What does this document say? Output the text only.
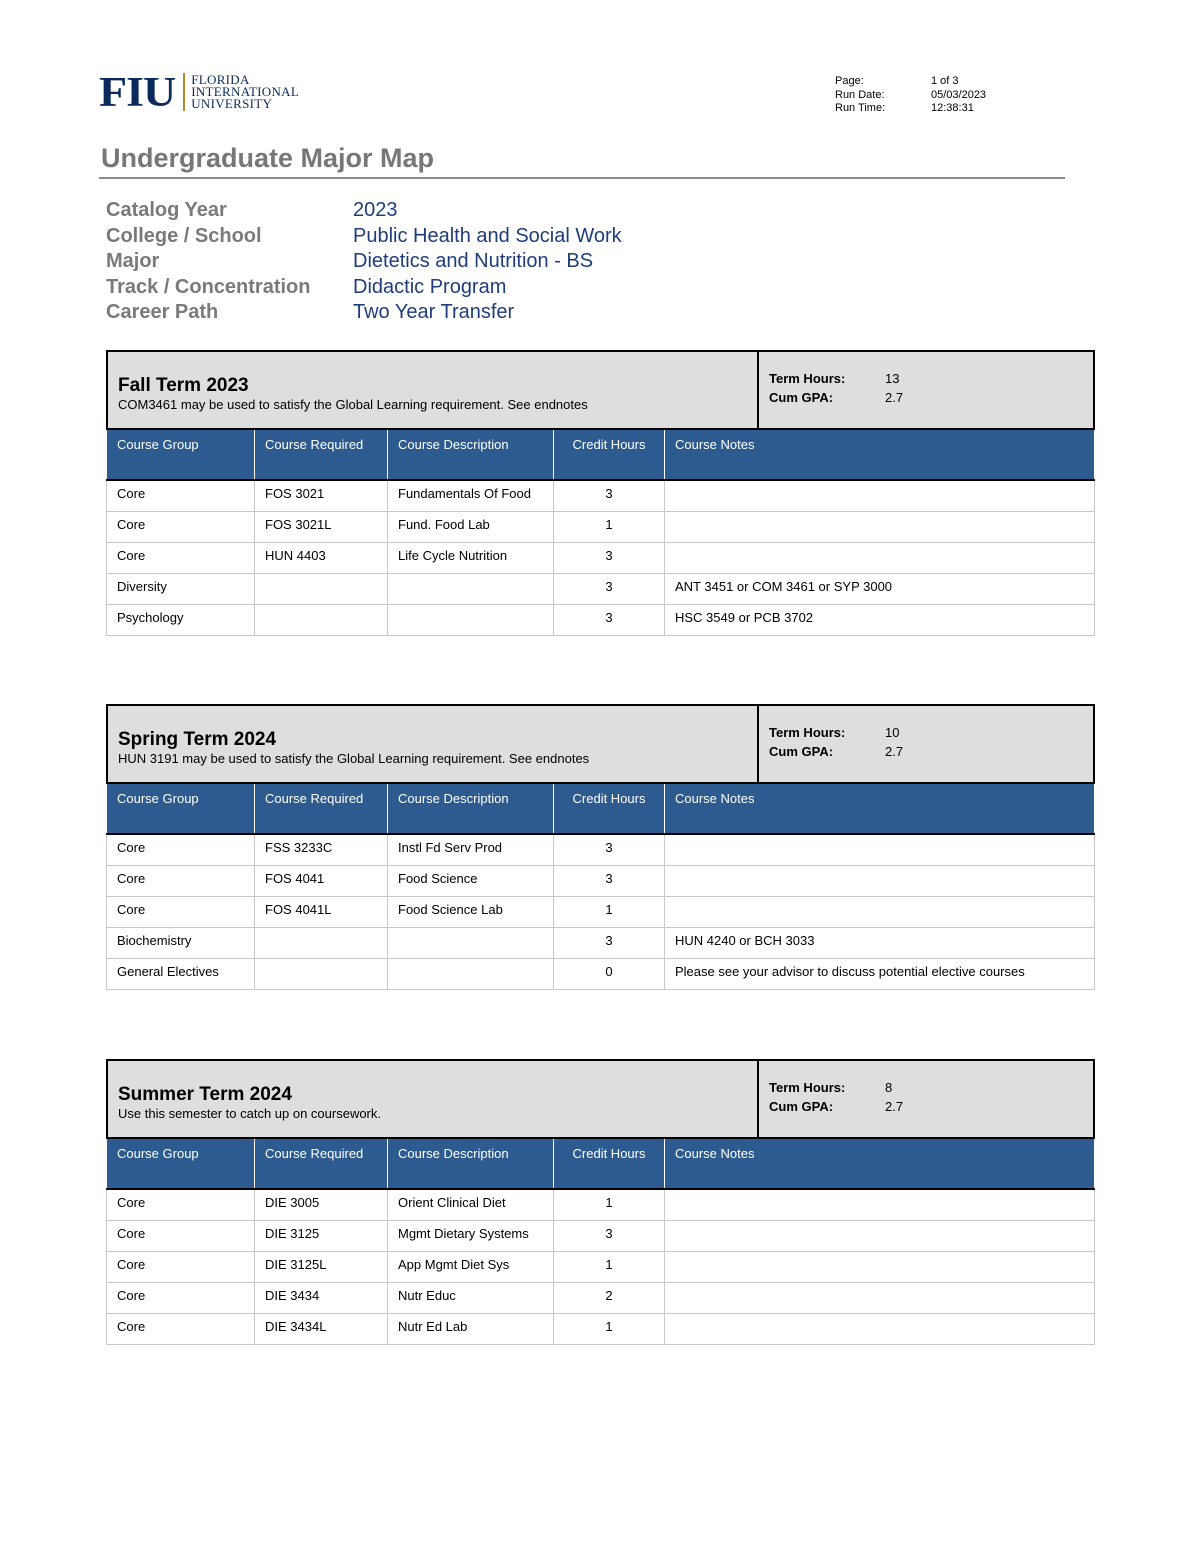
FIU FLORIDA
INTERNATIONAL
UNIVERSITY
Page:	1 of 3
Run Date:	05/03/2023
Run Time:	12:38:31
Undergraduate Major Map
Catalog Year	2023
College / School	Public Health and Social Work
Major	Dietetics and Nutrition - BS
Track / Concentration	Didactic Program
Career Path	Two Year Transfer
Fall Term 2023
COM3461 may be used to satisfy the Global Learning requirement. See endnotes
Term Hours:	13
Cum GPA:	2.7
Course Group	Course Required	Course Description	Credit Hours	Course Notes
Core	FOS 3021	Fundamentals Of Food	3	
Core	FOS 3021L	Fund. Food Lab	1	
Core	HUN 4403	Life Cycle Nutrition	3	
Diversity			3	ANT 3451 or COM 3461 or SYP 3000
Psychology			3	HSC 3549 or PCB 3702
Spring Term 2024
HUN 3191 may be used to satisfy the Global Learning requirement. See endnotes
Term Hours:	10
Cum GPA:	2.7
Course Group	Course Required	Course Description	Credit Hours	Course Notes
Core	FSS 3233C	Instl Fd Serv Prod	3	
Core	FOS 4041	Food Science	3	
Core	FOS 4041L	Food Science Lab	1	
Biochemistry			3	HUN 4240 or BCH 3033
General Electives			0	Please see your advisor to discuss potential elective courses
Summer Term 2024
Use this semester to catch up on coursework.
Term Hours:	8
Cum GPA:	2.7
Course Group	Course Required	Course Description	Credit Hours	Course Notes
Core	DIE 3005	Orient Clinical Diet	1	
Core	DIE 3125	Mgmt Dietary Systems	3	
Core	DIE 3125L	App Mgmt Diet Sys	1	
Core	DIE 3434	Nutr Educ	2	
Core	DIE 3434L	Nutr Ed Lab	1	
